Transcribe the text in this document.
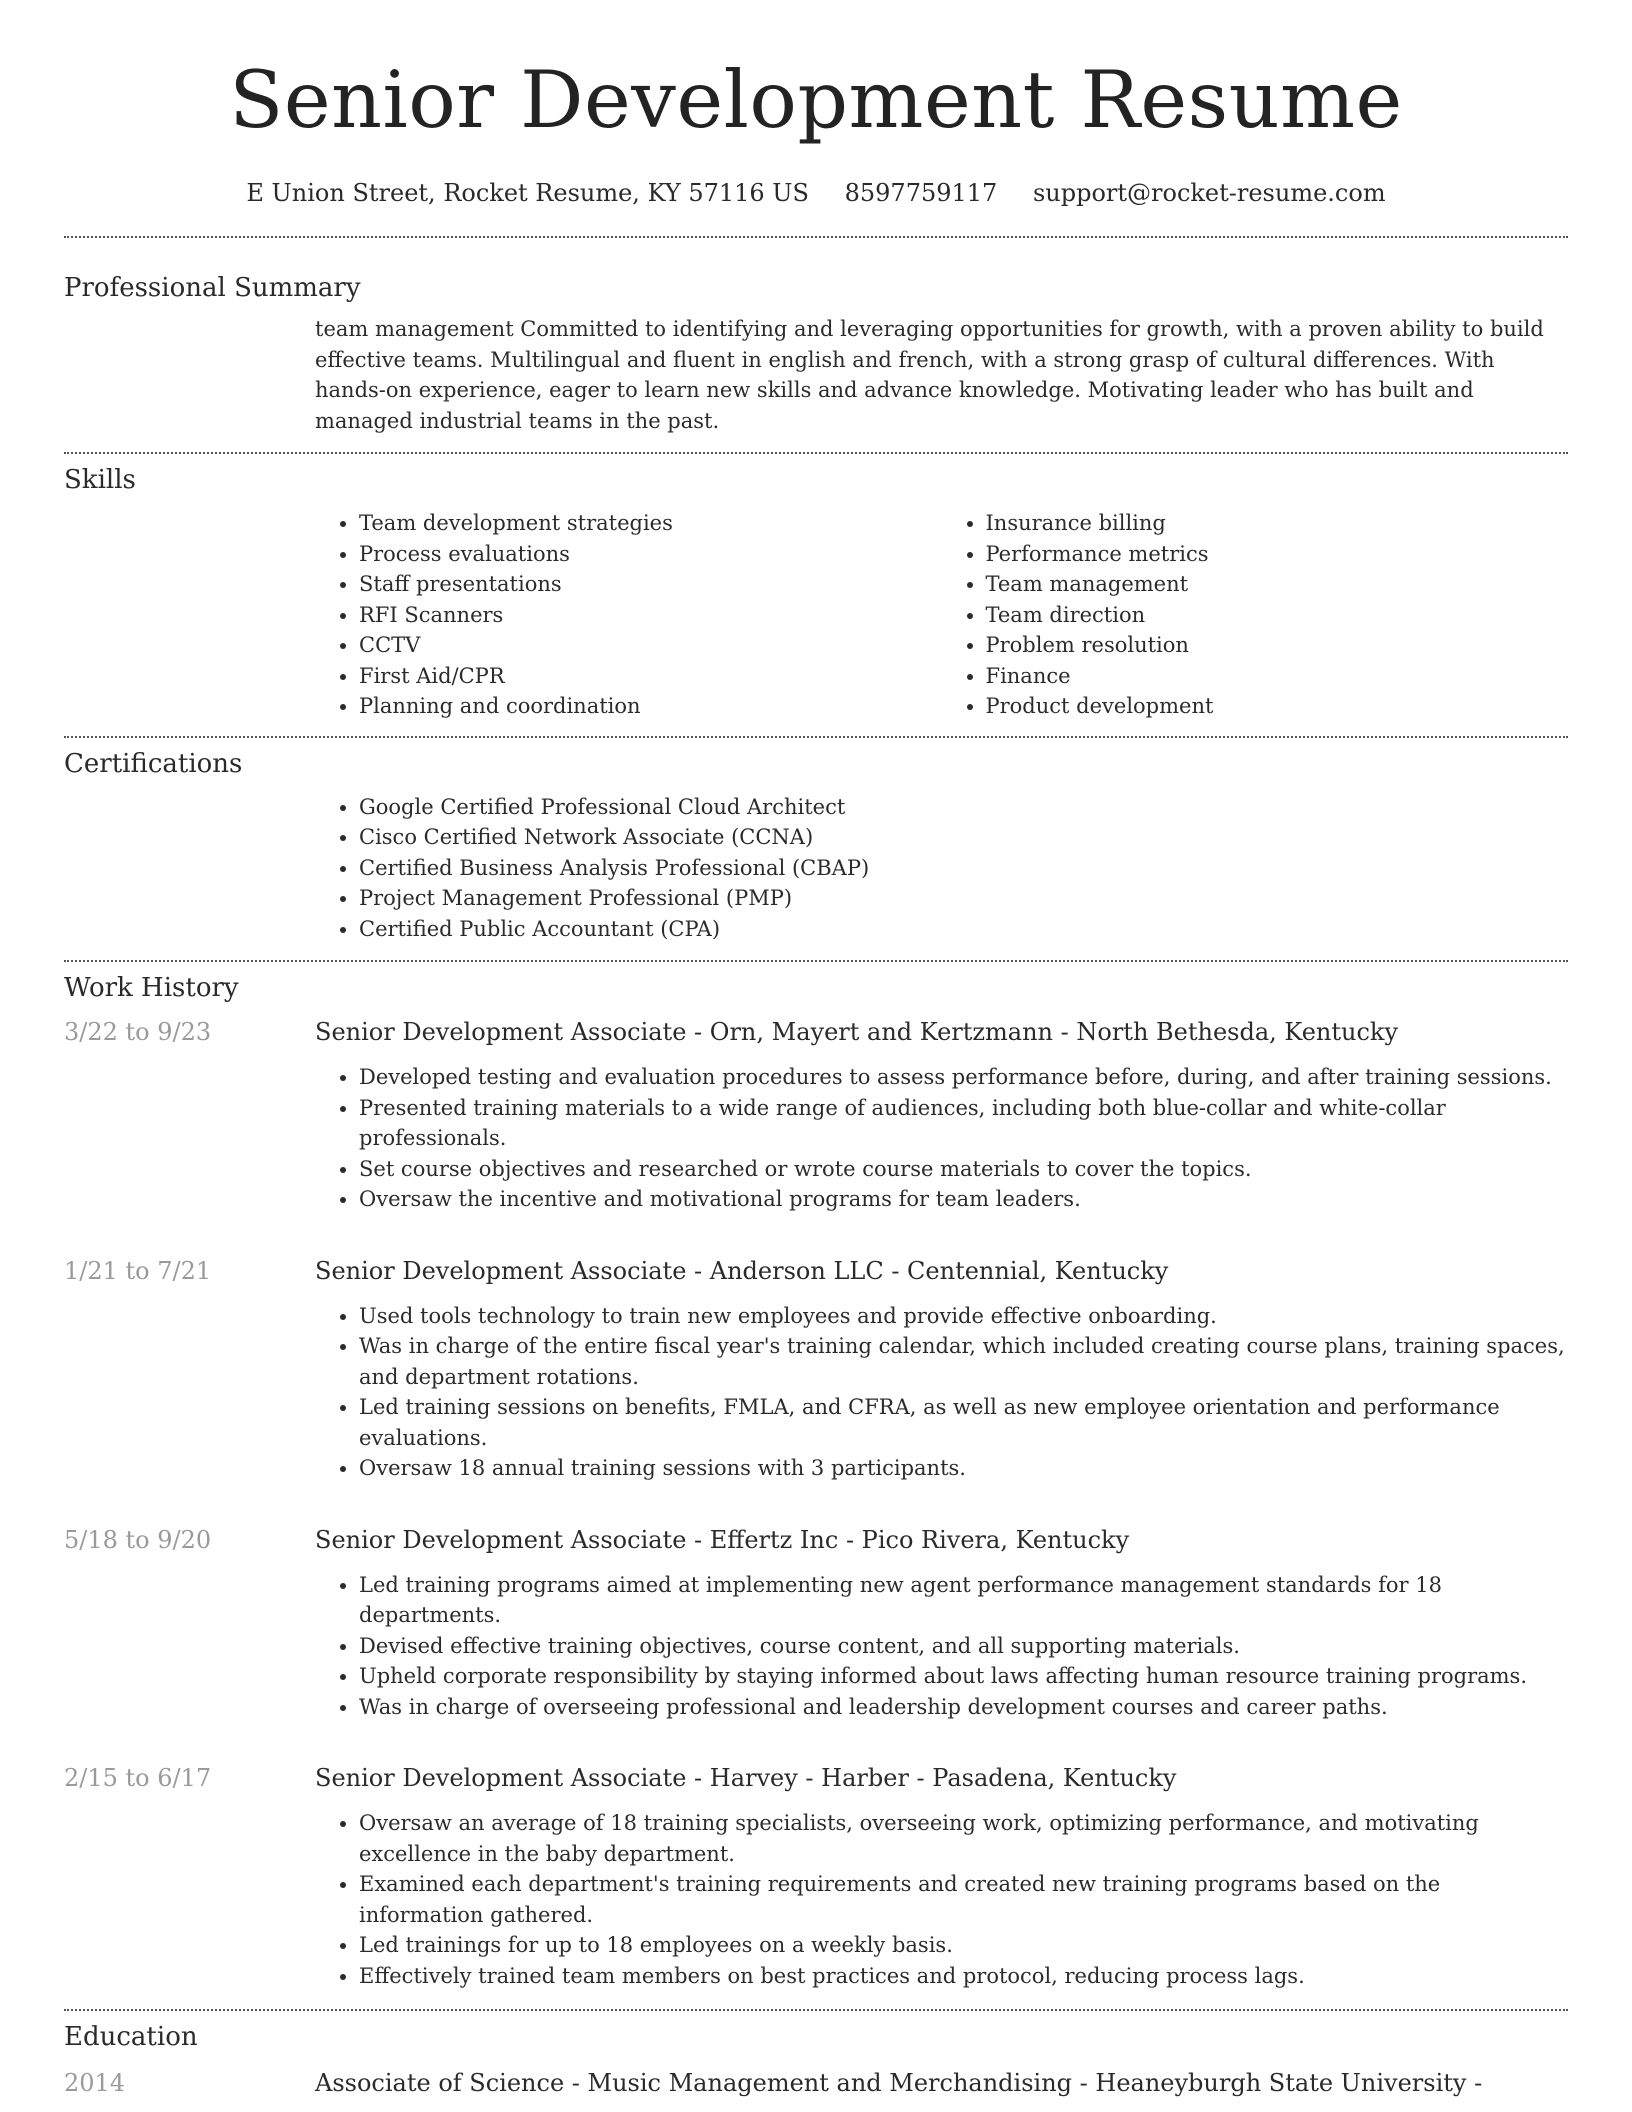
Senior Development Resume
E Union Street, Rocket Resume, KY 57116 US 8597759117 support@rocket-resume.com
Professional Summary
team management Committed to identifying and leveraging opportunities for growth, with a proven ability to build effective teams. Multilingual and fluent in english and french, with a strong grasp of cultural differences. With hands-on experience, eager to learn new skills and advance knowledge. Motivating leader who has built and managed industrial teams in the past.
Skills
• Team development strategies
• Process evaluations
• Staff presentations
• RFI Scanners
• CCTV
• First Aid/CPR
• Planning and coordination
• Insurance billing
• Performance metrics
• Team management
• Team direction
• Problem resolution
• Finance
• Product development
Certifications
• Google Certified Professional Cloud Architect
• Cisco Certified Network Associate (CCNA)
• Certified Business Analysis Professional (CBAP)
• Project Management Professional (PMP)
• Certified Public Accountant (CPA)
Work History
3/22 to 9/23	Senior Development Associate - Orn, Mayert and Kertzmann - North Bethesda, Kentucky
• Developed testing and evaluation procedures to assess performance before, during, and after training sessions.
• Presented training materials to a wide range of audiences, including both blue-collar and white-collar professionals.
• Set course objectives and researched or wrote course materials to cover the topics.
• Oversaw the incentive and motivational programs for team leaders.
1/21 to 7/21	Senior Development Associate - Anderson LLC - Centennial, Kentucky
• Used tools technology to train new employees and provide effective onboarding.
• Was in charge of the entire fiscal year's training calendar, which included creating course plans, training spaces, and department rotations.
• Led training sessions on benefits, FMLA, and CFRA, as well as new employee orientation and performance evaluations.
• Oversaw 18 annual training sessions with 3 participants.
5/18 to 9/20	Senior Development Associate - Effertz Inc - Pico Rivera, Kentucky
• Led training programs aimed at implementing new agent performance management standards for 18 departments.
• Devised effective training objectives, course content, and all supporting materials.
• Upheld corporate responsibility by staying informed about laws affecting human resource training programs.
• Was in charge of overseeing professional and leadership development courses and career paths.
2/15 to 6/17	Senior Development Associate - Harvey - Harber - Pasadena, Kentucky
• Oversaw an average of 18 training specialists, overseeing work, optimizing performance, and motivating excellence in the baby department.
• Examined each department's training requirements and created new training programs based on the information gathered.
• Led trainings for up to 18 employees on a weekly basis.
• Effectively trained team members on best practices and protocol, reducing process lags.
Education
2014	Associate of Science - Music Management and Merchandising - Heaneyburgh State University -
